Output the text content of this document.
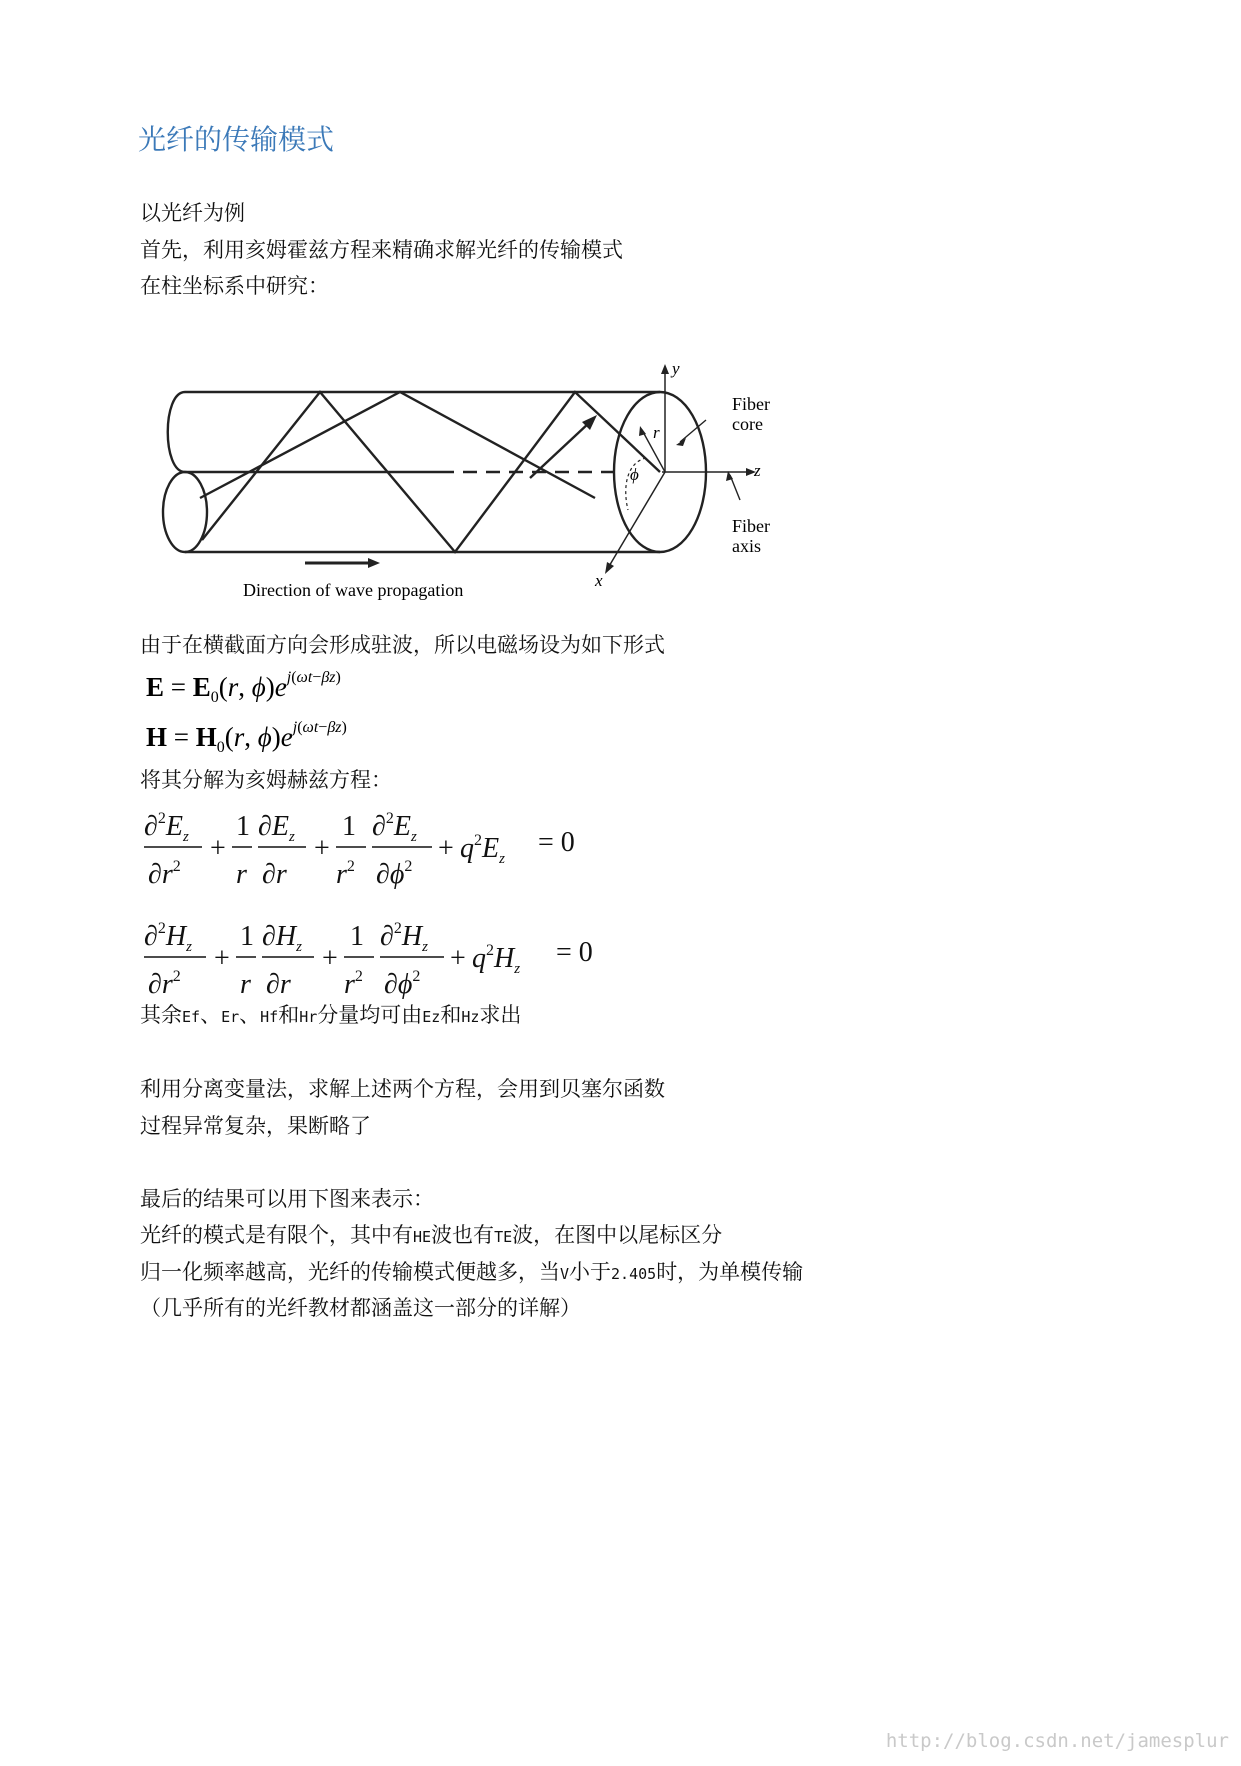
光纤的传输模式
以光纤为例
首先，利用亥姆霍兹方程来精确求解光纤的传输模式
在柱坐标系中研究：
y
z
x
r
ϕ
Fiber
core
Fiber
axis
Direction of wave propagation
由于在横截面方向会形成驻波，所以电磁场设为如下形式
$E = E_0(r$, $\phi)e^j(\omega t-\beta z)$
$H = H_0(r$, $\phi)e^j(\omega t-\beta z)$
将其分解为亥姆赫兹方程：
$\partial^2E_z$
$\partial r^2$
+
1
r
$\partial E_z$
∂r
+
1
$r^2$
$\partial^2E_z$
$\partial\phi^2$
+ $q^2E_z$
= 0
$\partial^2H_z$
$\partial r^2$
+
1
r
$\partial H_z$
∂r
+
1
$r^2$
$\partial^2H_z$
$\partial\phi^2$
+ $q^2H_z$
= 0
其余Ef、Er、Hf和Hr分量均可由Ez和Hz求出
利用分离变量法，求解上述两个方程，会用到贝塞尔函数
过程异常复杂，果断略了
最后的结果可以用下图来表示：
光纤的模式是有限个，其中有HE波也有TE波，在图中以尾标区分
归一化频率越高，光纤的传输模式便越多，当V小于2.405时，为单模传输
（几乎所有的光纤教材都涵盖这一部分的详解）
http://blog.csdn.net/jamesplur
